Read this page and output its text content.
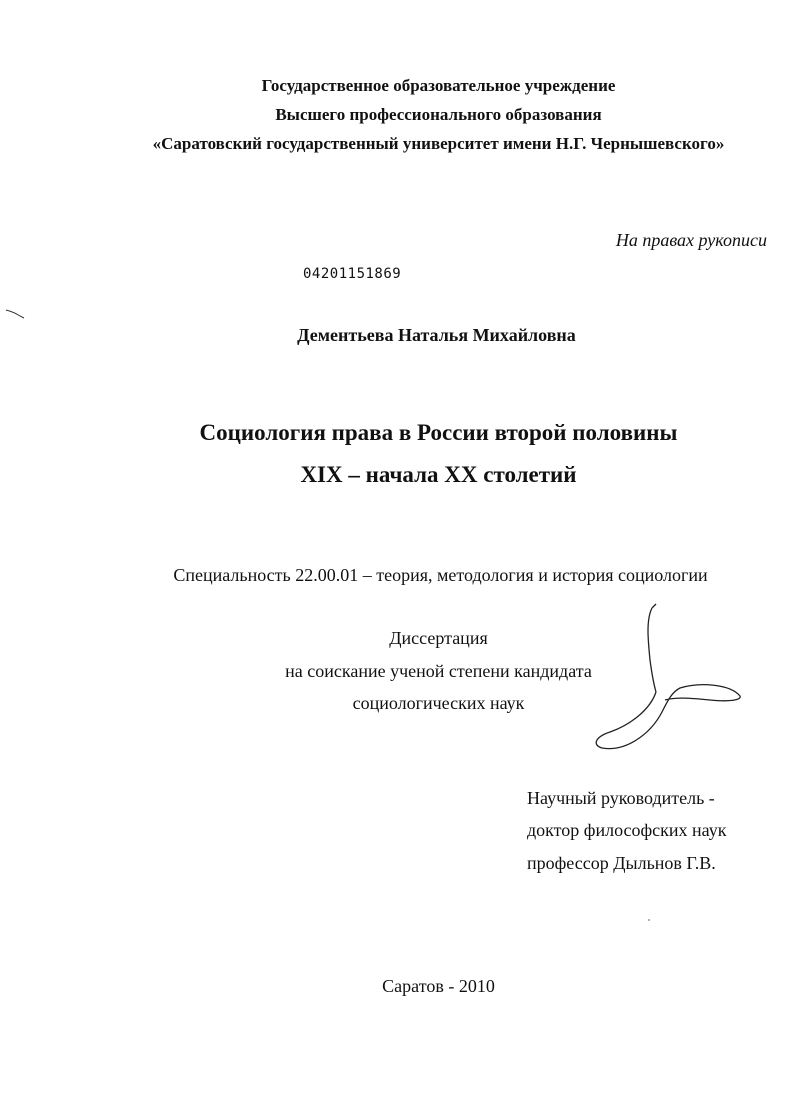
Государственное образовательное учреждение
Высшего профессионального образования
«Саратовский государственный университет имени Н.Г. Чернышевского»
На правах рукописи
04201151869
Дементьева Наталья Михайловна
Социология права в России второй половины
XIX – начала XX столетий
Специальность 22.00.01 – теория, методология и история социологии
Диссертация
на соискание ученой степени кандидата
социологических наук
Научный руководитель -
доктор философских наук
профессор Дыльнов Г.В.
Саратов - 2010
